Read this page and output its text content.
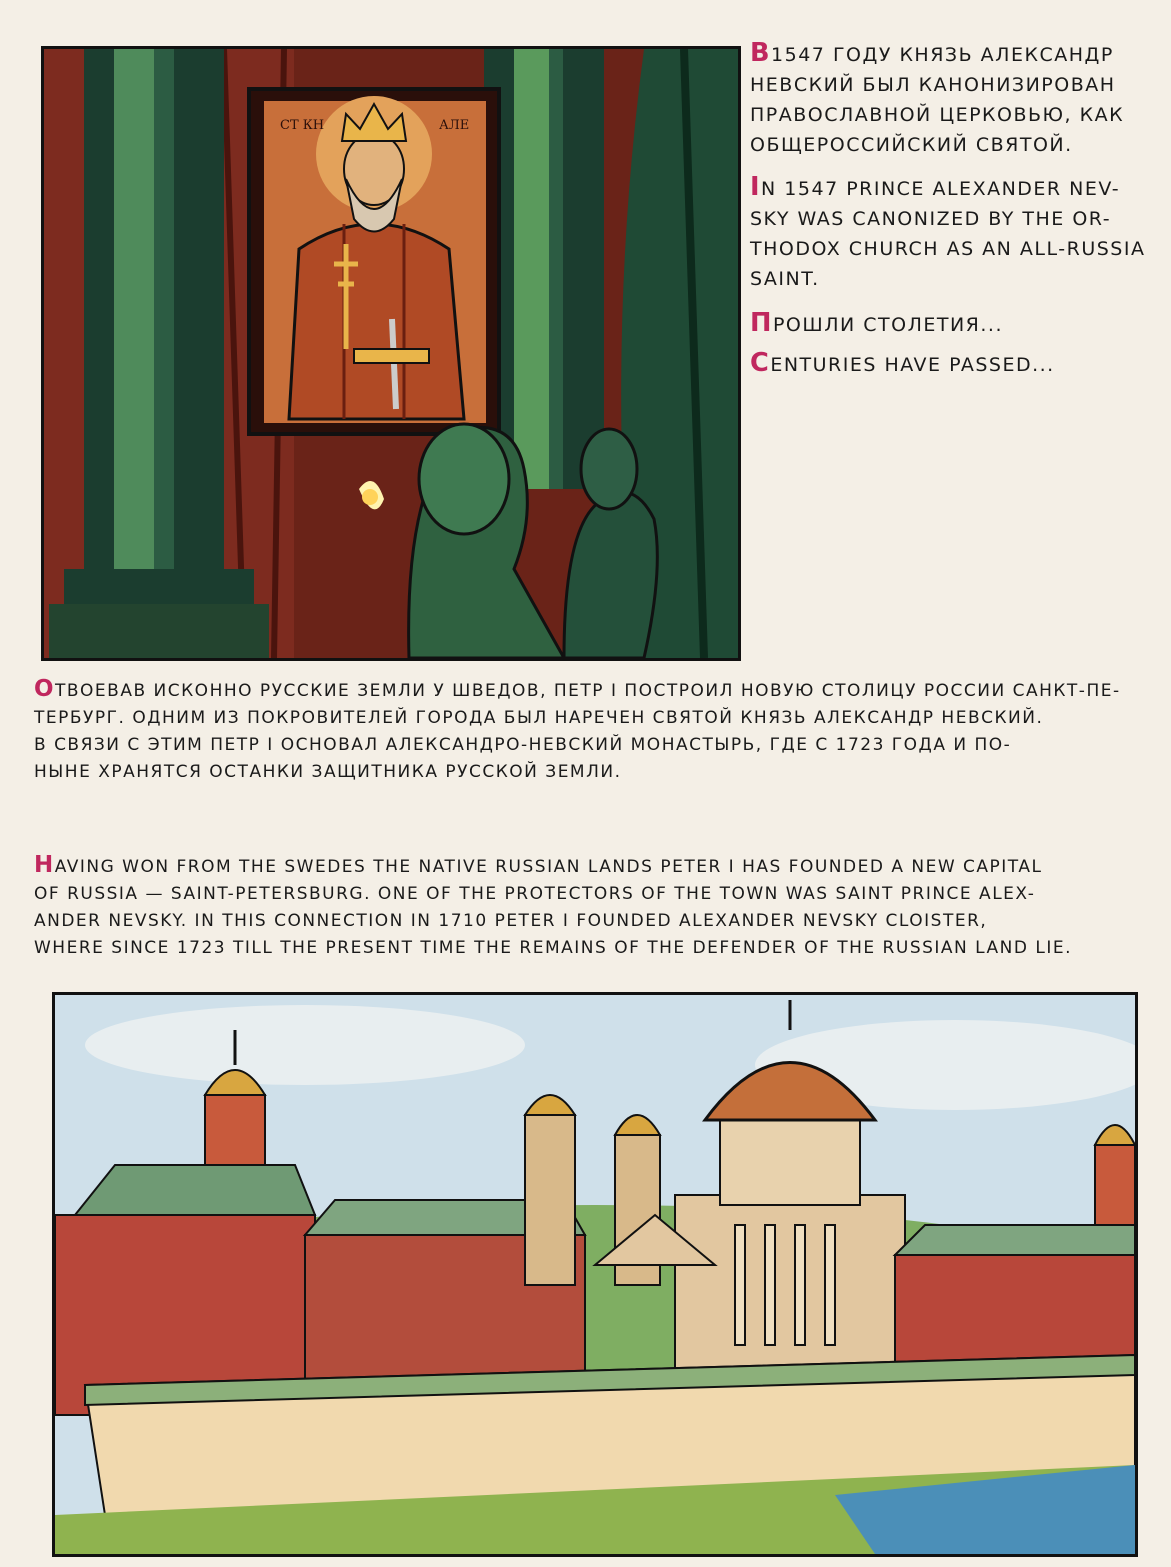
СТ КН	АЛЕ
В1547 ГОДУ КНЯЗЬ АЛЕКСАНДР
НЕВСКИЙ БЫЛ КАНОНИЗИРОВАН
ПРАВОСЛАВНОЙ ЦЕРКОВЬЮ, КАК
ОБЩЕРОССИЙСКИЙ СВЯТОЙ.
IN 1547 PRINCE ALEXANDER NEV-
SKY WAS CANONIZED BY THE OR-
THODOX CHURCH AS AN ALL-RUSSIA
SAINT.
ПРОШЛИ СТОЛЕТИЯ...
CENTURIES HAVE PASSED...
ОТВОЕВАВ ИСКОННО РУССКИЕ ЗЕМЛИ У ШВЕДОВ, ПЕТР I ПОСТРОИЛ НОВУЮ СТОЛИЦУ РОССИИ САНКТ-ПЕ-
ТЕРБУРГ. ОДНИМ ИЗ ПОКРОВИТЕЛЕЙ ГОРОДА БЫЛ НАРЕЧЕН СВЯТОЙ КНЯЗЬ АЛЕКСАНДР НЕВСКИЙ.
В СВЯЗИ С ЭТИМ ПЕТР I ОСНОВАЛ АЛЕКСАНДРО-НЕВСКИЙ МОНАСТЫРЬ, ГДЕ С 1723 ГОДА И ПО-
НЫНЕ ХРАНЯТСЯ ОСТАНКИ ЗАЩИТНИКА РУССКОЙ ЗЕМЛИ.
HAVING WON FROM THE SWEDES THE NATIVE RUSSIAN LANDS PETER I HAS FOUNDED A NEW CAPITAL
OF RUSSIA — SAINT-PETERSBURG. ONE OF THE PROTECTORS OF THE TOWN WAS SAINT PRINCE ALEX-
ANDER NEVSKY. IN THIS CONNECTION IN 1710 PETER I FOUNDED ALEXANDER NEVSKY CLOISTER,
WHERE SINCE 1723 TILL THE PRESENT TIME THE REMAINS OF THE DEFENDER OF THE RUSSIAN LAND LIE.
